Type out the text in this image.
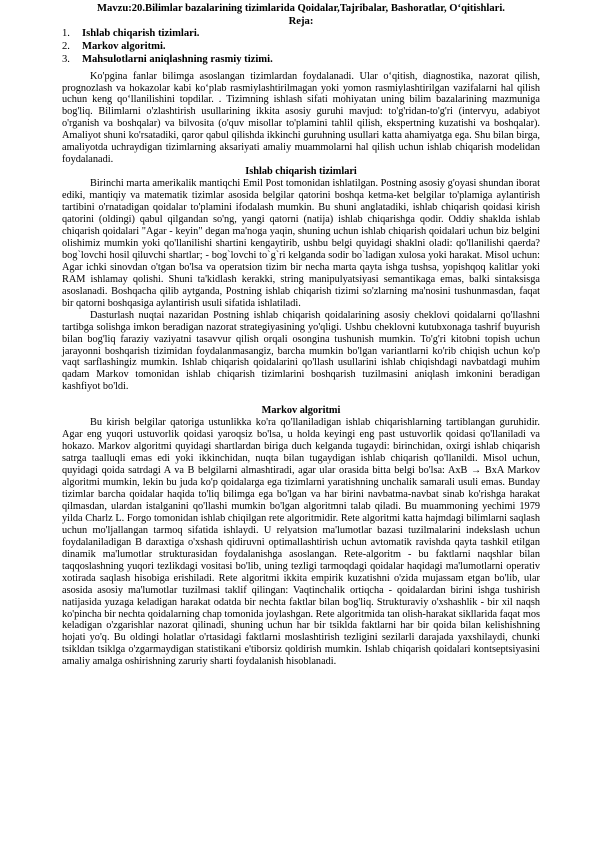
Mavzu:20.Bilimlar bazalarining tizimlarida Qoidalar,Tajribalar, Bashoratlar, O‘qitishlari.
Reja:
1.	Ishlab chiqarish tizimlari.
2.	Markov algoritmi.
3.	Mahsulotlarni aniqlashning rasmiy tizimi.

Ko'pgina fanlar bilimga asoslangan tizimlardan foydalanadi. Ular o‘qitish, diagnostika, nazorat qilish, prognozlash va hokazolar kabi ko‘plab rasmiylashtirilmagan yoki yomon rasmiylashtirilgan vazifalarni hal qilish uchun keng qo‘llanilishini topdilar. . Tizimning ishlash sifati mohiyatan uning bilim bazalarining mazmuniga bog'liq. Bilimlarni o'zlashtirish usullarining ikkita asosiy guruhi mavjud: to'g'ridan-to'g'ri (intervyu, adabiyot o'rganish va boshqalar) va bilvosita (o'quv misollar to'plamini tahlil qilish, ekspertning kuzatishi va boshqalar). Amaliyot shuni ko'rsatadiki, qaror qabul qilishda ikkinchi guruhning usullari katta ahamiyatga ega. Shu bilan birga, amaliyotda uchraydigan tizimlarning aksariyati amaliy muammolarni hal qilish uchun ishlab chiqarish modelidan foydalanadi.

Ishlab chiqarish tizimlari

Birinchi marta amerikalik mantiqchi Emil Post tomonidan ishlatilgan. Postning asosiy g'oyasi shundan iborat ediki, mantiqiy va matematik tizimlar asosida belgilar qatorini boshqa ketma-ket belgilar to'plamiga aylantirish tartibini o'rnatadigan qoidalar to'plamini ifodalash mumkin. Bu shuni anglatadiki, ishlab chiqarish qoidasi kirish qatorini (oldingi) qabul qilgandan so'ng, yangi qatorni (natija) ishlab chiqarishga qodir. Oddiy shaklda ishlab chiqarish qoidalari "Agar - keyin" degan ma'noga yaqin, shuning uchun ishlab chiqarish qoidalari uchun biz belgini olishimiz mumkin yoki qo'llanilishi shartini kengaytirib, ushbu belgi quyidagi shaklni oladi: qo'llanilishi qaerda? bog`lovchi hosil qiluvchi shartlar; - bog`lovchi to`g`ri kelganda sodir bo`ladigan xulosa yoki harakat. Misol uchun: Agar ichki sinovdan o'tgan bo'lsa va operatsion tizim bir necha marta qayta ishga tushsa, yopishqoq kalitlar yoki RAM ishlamay qolishi. Shuni ta'kidlash kerakki, string manipulyatsiyasi semantikaga emas, balki sintaksisga asoslanadi. Boshqacha qilib aytganda, Postning ishlab chiqarish tizimi so'zlarning ma'nosini tushunmasdan, faqat bir qatorni boshqasiga aylantirish usuli sifatida ishlatiladi.

Dasturlash nuqtai nazaridan Postning ishlab chiqarish qoidalarining asosiy cheklovi qoidalarni qo'llashni tartibga solishga imkon beradigan nazorat strategiyasining yo'qligi. Ushbu cheklovni kutubxonaga tashrif buyurish bilan bog'liq faraziy vaziyatni tasavvur qilish orqali osongina tushunish mumkin. To'g'ri kitobni topish uchun jarayonni boshqarish tizimidan foydalanmasangiz, barcha mumkin bo'lgan variantlarni ko'rib chiqish uchun ko'p vaqt sarflashingiz mumkin. Ishlab chiqarish qoidalarini qo'llash usullarini ishlab chiqishdagi navbatdagi muhim qadam Markov tomonidan ishlab chiqarish tizimlarini boshqarish tuzilmasini aniqlash imkonini beradigan kashfiyot bo'ldi.

Markov algoritmi

Bu kirish belgilar qatoriga ustunlikka ko'ra qo'llaniladigan ishlab chiqarishlarning tartiblangan guruhidir. Agar eng yuqori ustuvorlik qoidasi yaroqsiz bo'lsa, u holda keyingi eng past ustuvorlik qoidasi qo'llaniladi va hokazo. Markov algoritmi quyidagi shartlardan biriga duch kelganda tugaydi: birinchidan, oxirgi ishlab chiqarish satrga taalluqli emas edi yoki ikkinchidan, nuqta bilan tugaydigan ishlab chiqarish qo'llanildi. Misol uchun, quyidagi qoida satrdagi A va B belgilarni almashtiradi, agar ular orasida bitta belgi bo'lsa: AxB → BxA Markov algoritmi mumkin, lekin bu juda ko'p qoidalarga ega tizimlarni yaratishning unchalik samarali usuli emas. Bunday tizimlar barcha qoidalar haqida to'liq bilimga ega bo'lgan va har birini navbatma-navbat sinab ko'rishga harakat qilmasdan, ulardan istalganini qo'llashi mumkin bo'lgan algoritmni talab qiladi. Bu muammoning yechimi 1979 yilda Charlz L. Forgo tomonidan ishlab chiqilgan rete algoritmidir. Rete algoritmi katta hajmdagi bilimlarni saqlash uchun mo'ljallangan tarmoq sifatida ishlaydi. U relyatsion ma'lumotlar bazasi tuzilmalarini indekslash uchun foydalaniladigan B daraxtiga o'xshash qidiruvni optimallashtirish uchun avtomatik ravishda qayta tashkil etilgan dinamik ma'lumotlar strukturasidan foydalanishga asoslangan. Rete-algoritm - bu faktlarni naqshlar bilan taqqoslashning yuqori tezlikdagi vositasi bo'lib, uning tezligi tarmoqdagi qoidalar haqidagi ma'lumotlarni operativ xotirada saqlash hisobiga erishiladi. Rete algoritmi ikkita empirik kuzatishni o'zida mujassam etgan bo'lib, ular asosida asosiy ma'lumotlar tuzilmasi taklif qilingan: Vaqtinchalik ortiqcha - qoidalardan birini ishga tushirish natijasida yuzaga keladigan harakat odatda bir nechta faktlar bilan bog'liq. Strukturaviy o'xshashlik - bir xil naqsh ko'pincha bir nechta qoidalarning chap tomonida joylashgan. Rete algoritmida tan olish-harakat sikllarida faqat mos keladigan o'zgarishlar nazorat qilinadi, shuning uchun har bir tsiklda faktlarni har bir qoida bilan kelishishning hojati yo'q. Bu oldingi holatlar o'rtasidagi faktlarni moslashtirish tezligini sezilarli darajada yaxshilaydi, chunki tsikldan tsiklga o'zgarmaydigan statistikani e'tiborsiz qoldirish mumkin. Ishlab chiqarish qoidalari kontseptsiyasini amaliy amalga oshirishning zaruriy sharti foydalanish hisoblanadi.
